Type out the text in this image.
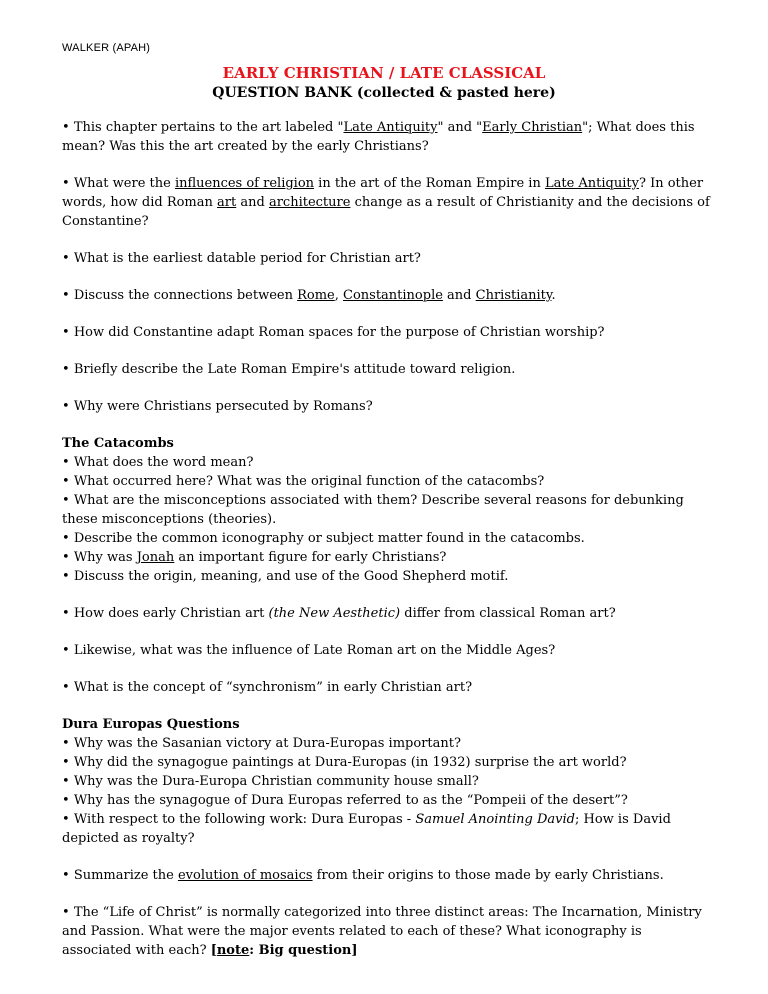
WALKER (APAH)
EARLY CHRISTIAN / LATE CLASSICAL
QUESTION BANK (collected & pasted here)

• This chapter pertains to the art labeled "Late Antiquity" and "Early Christian"; What does this mean? Was this the art created by the early Christians?

• What were the influences of religion in the art of the Roman Empire in Late Antiquity? In other words, how did Roman art and architecture change as a result of Christianity and the decisions of Constantine?

• What is the earliest datable period for Christian art?

• Discuss the connections between Rome, Constantinople and Christianity.

• How did Constantine adapt Roman spaces for the purpose of Christian worship?

• Briefly describe the Late Roman Empire's attitude toward religion.

• Why were Christians persecuted by Romans?

The Catacombs
• What does the word mean?
• What occurred here? What was the original function of the catacombs?
• What are the misconceptions associated with them? Describe several reasons for debunking these misconceptions (theories).
• Describe the common iconography or subject matter found in the catacombs.
• Why was Jonah an important figure for early Christians?
• Discuss the origin, meaning, and use of the Good Shepherd motif.

• How does early Christian art (the New Aesthetic) differ from classical Roman art?

• Likewise, what was the influence of Late Roman art on the Middle Ages?

• What is the concept of “synchronism” in early Christian art?

Dura Europas Questions
• Why was the Sasanian victory at Dura-Europas important?
• Why did the synagogue paintings at Dura-Europas (in 1932) surprise the art world?
• Why was the Dura-Europa Christian community house small?
• Why has the synagogue of Dura Europas referred to as the “Pompeii of the desert”?
• With respect to the following work: Dura Europas - Samuel Anointing David; How is David depicted as royalty?

• Summarize the evolution of mosaics from their origins to those made by early Christians.

• The “Life of Christ” is normally categorized into three distinct areas: The Incarnation, Ministry and Passion. What were the major events related to each of these? What iconography is associated with each? [note: Big question]
